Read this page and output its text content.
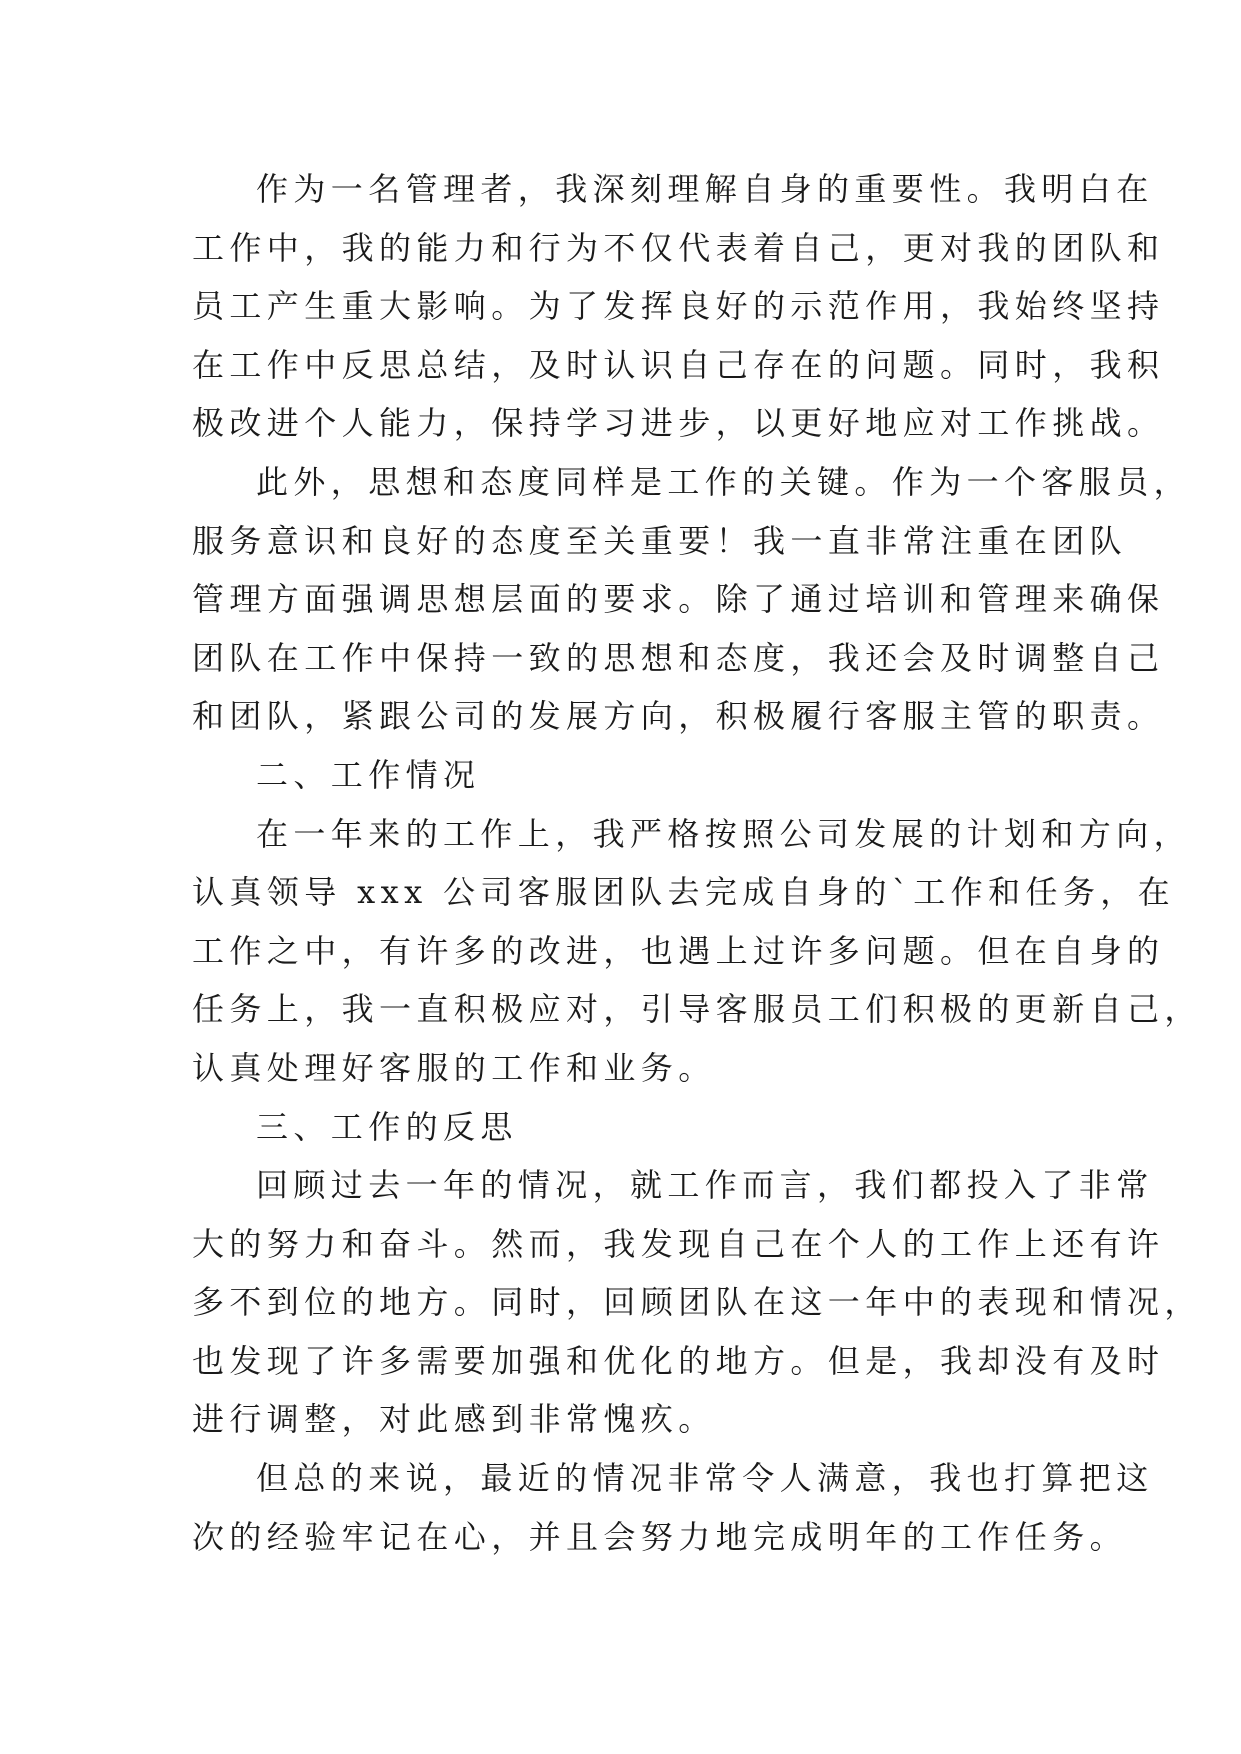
作为一名管理者，我深刻理解自身的重要性。我明白在
工作中，我的能力和行为不仅代表着自己，更对我的团队和
员工产生重大影响。为了发挥良好的示范作用，我始终坚持
在工作中反思总结，及时认识自己存在的问题。同时，我积
极改进个人能力，保持学习进步，以更好地应对工作挑战。
此外，思想和态度同样是工作的关键。作为一个客服员，
服务意识和良好的态度至关重要！我一直非常注重在团队
管理方面强调思想层面的要求。除了通过培训和管理来确保
团队在工作中保持一致的思想和态度，我还会及时调整自己
和团队，紧跟公司的发展方向，积极履行客服主管的职责。
二、工作情况
在一年来的工作上，我严格按照公司发展的计划和方向，
认真领导 xxx 公司客服团队去完成自身的`工作和任务，在
工作之中，有许多的改进，也遇上过许多问题。但在自身的
任务上，我一直积极应对，引导客服员工们积极的更新自己，
认真处理好客服的工作和业务。
三、工作的反思
回顾过去一年的情况，就工作而言，我们都投入了非常
大的努力和奋斗。然而，我发现自己在个人的工作上还有许
多不到位的地方。同时，回顾团队在这一年中的表现和情况，
也发现了许多需要加强和优化的地方。但是，我却没有及时
进行调整，对此感到非常愧疚。
但总的来说，最近的情况非常令人满意，我也打算把这
次的经验牢记在心，并且会努力地完成明年的工作任务。
